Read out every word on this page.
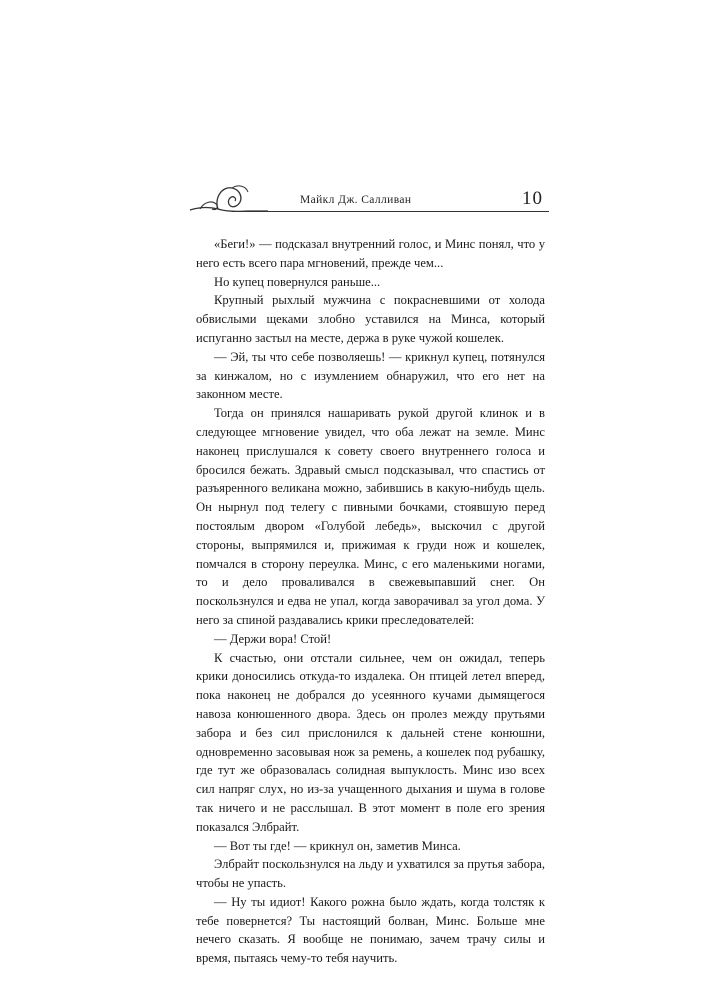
Майкл Дж. Салливан	10

«Беги!» — подсказал внутренний голос, и Минс понял, что у него есть всего пара мгновений, прежде чем...

Но купец повернулся раньше...

Крупный рыхлый мужчина с покрасневшими от холода обвислыми щеками злобно уставился на Минса, который испуганно застыл на месте, держа в руке чужой кошелек.

— Эй, ты что себе позволяешь! — крикнул купец, потянулся за кинжалом, но с изумлением обнаружил, что его нет на законном месте.

Тогда он принялся нашаривать рукой другой клинок и в следующее мгновение увидел, что оба лежат на земле. Минс наконец прислушался к совету своего внутреннего голоса и бросился бежать. Здравый смысл подсказывал, что спастись от разъяренного великана можно, забившись в какую-нибудь щель. Он нырнул под телегу с пивными бочками, стоявшую перед постоялым двором «Голубой лебедь», выскочил с другой стороны, выпрямился и, прижимая к груди нож и кошелек, помчался в сторону переулка. Минс, с его маленькими ногами, то и дело проваливался в свежевыпавший снег. Он поскользнулся и едва не упал, когда заворачивал за угол дома. У него за спиной раздавались крики преследователей:

— Держи вора! Стой!

К счастью, они отстали сильнее, чем он ожидал, теперь крики доносились откуда-то издалека. Он птицей летел вперед, пока наконец не добрался до усеянного кучами дымящегося навоза конюшенного двора. Здесь он пролез между прутьями забора и без сил прислонился к дальней стене конюшни, одновременно засовывая нож за ремень, а кошелек под рубашку, где тут же образовалась солидная выпуклость. Минс изо всех сил напряг слух, но из-за учащенного дыхания и шума в голове так ничего и не расслышал. В этот момент в поле его зрения показался Элбрайт.

— Вот ты где! — крикнул он, заметив Минса.

Элбрайт поскользнулся на льду и ухватился за прутья забора, чтобы не упасть.

— Ну ты идиот! Какого рожна было ждать, когда толстяк к тебе повернется? Ты настоящий болван, Минс. Больше мне нечего сказать. Я вообще не понимаю, зачем трачу силы и время, пытаясь чему-то тебя научить.
